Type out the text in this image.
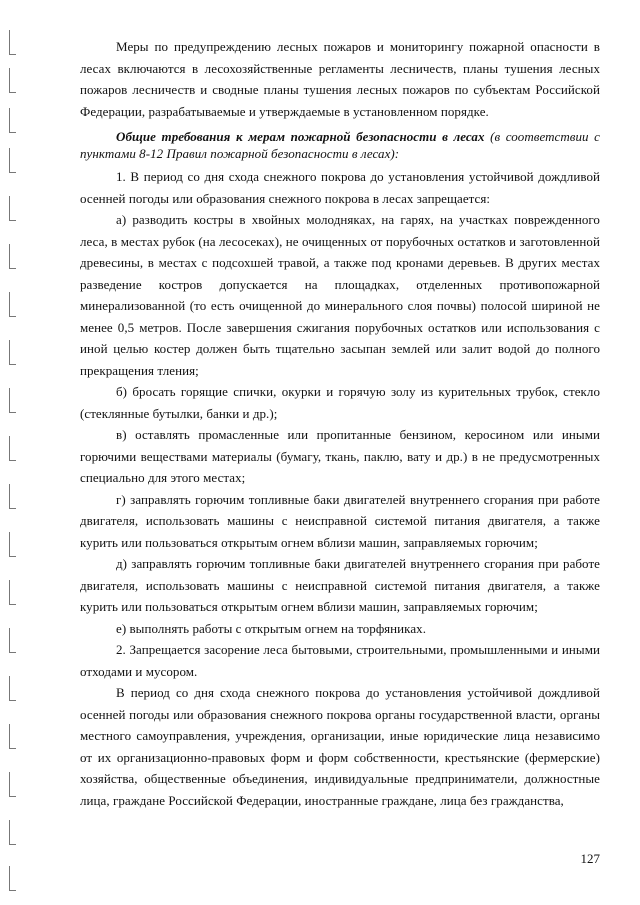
Меры по предупреждению лесных пожаров и мониторингу пожарной опасности в лесах включаются в лесохозяйственные регламенты лесничеств, планы тушения лесных пожаров лесничеств и сводные планы тушения лесных пожаров по субъектам Российской Федерации, разрабатываемые и утверждаемые в установленном порядке.

Общие требования к мерам пожарной безопасности в лесах (в соответствии с пунктами 8-12 Правил пожарной безопасности в лесах):

1. В период со дня схода снежного покрова до установления устойчивой дождливой осенней погоды или образования снежного покрова в лесах запрещается:

а) разводить костры в хвойных молодняках, на гарях, на участках поврежденного леса, в местах рубок (на лесосеках), не очищенных от порубочных остатков и заготовленной древесины, в местах с подсохшей травой, а также под кронами деревьев. В других местах разведение костров допускается на площадках, отделенных противопожарной минерализованной (то есть очищенной до минерального слоя почвы) полосой шириной не менее 0,5 метров. После завершения сжигания порубочных остатков или использования с иной целью костер должен быть тщательно засыпан землей или залит водой до полного прекращения тления;

б) бросать горящие спички, окурки и горячую золу из курительных трубок, стекло (стеклянные бутылки, банки и др.);

в) оставлять промасленные или пропитанные бензином, керосином или иными горючими веществами материалы (бумагу, ткань, паклю, вату и др.) в не предусмотренных специально для этого местах;

г) заправлять горючим топливные баки двигателей внутреннего сгорания при работе двигателя, использовать машины с неисправной системой питания двигателя, а также курить или пользоваться открытым огнем вблизи машин, заправляемых горючим;

д) заправлять горючим топливные баки двигателей внутреннего сгорания при работе двигателя, использовать машины с неисправной системой питания двигателя, а также курить или пользоваться открытым огнем вблизи машин, заправляемых горючим;

е) выполнять работы с открытым огнем на торфяниках.

2. Запрещается засорение леса бытовыми, строительными, промышленными и иными отходами и мусором.

В период со дня схода снежного покрова до установления устойчивой дождливой осенней погоды или образования снежного покрова органы государственной власти, органы местного самоуправления, учреждения, организации, иные юридические лица независимо от их организационно-правовых форм и форм собственности, крестьянские (фермерские) хозяйства, общественные объединения, индивидуальные предприниматели, должностные лица, граждане Российской Федерации, иностранные граждане, лица без гражданства,

127
